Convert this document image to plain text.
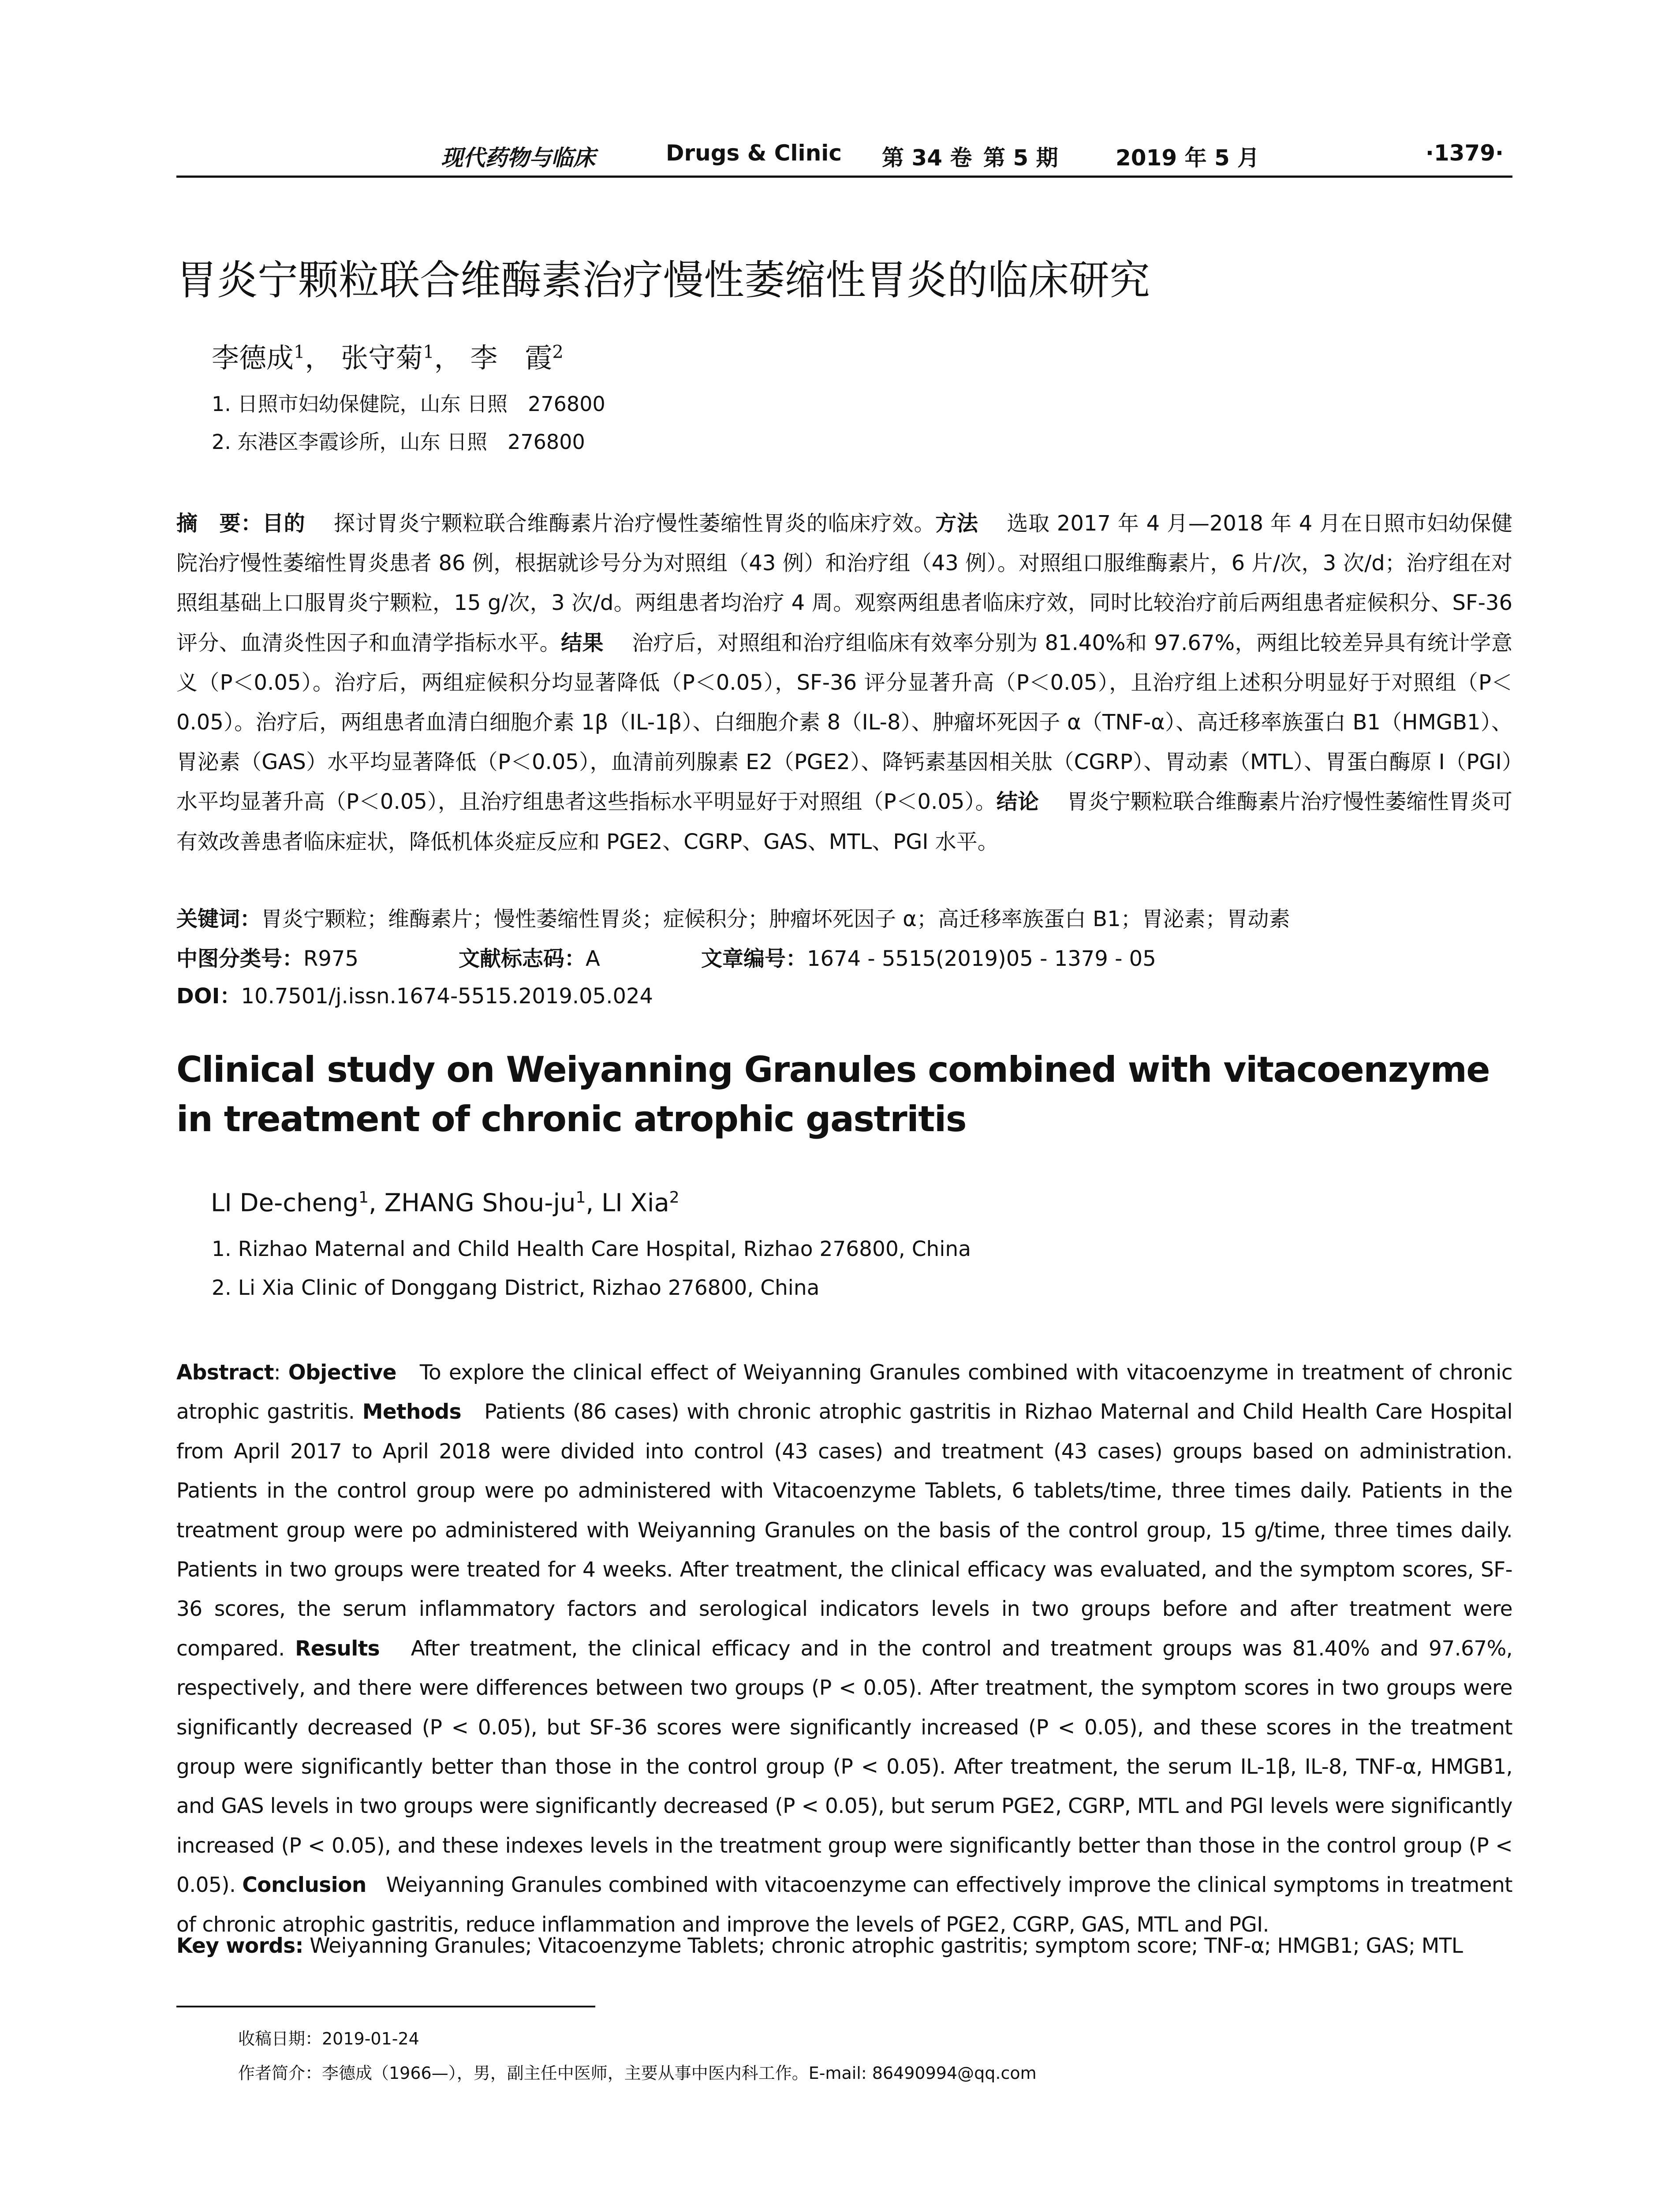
现代药物与临床	Drugs & Clinic 第 34 卷 第 5 期	2019 年 5 月	·1379·
胃炎宁颗粒联合维酶素治疗慢性萎缩性胃炎的临床研究
李德成$^1$， 张守菊$^1$， 李　霞$^2$
1. 日照市妇幼保健院，山东 日照　276800
2. 东港区李霞诊所，山东 日照　276800
摘　要：目的　 探讨胃炎宁颗粒联合维酶素片治疗慢性萎缩性胃炎的临床疗效。方法　 选取 2017 年 4 月—2018 年 4 月在日照市妇幼保健院治疗慢性萎缩性胃炎患者 86 例，根据就诊号分为对照组（43 例）和治疗组（43 例）。对照组口服维酶素片，6 片/次，3 次/d；治疗组在对照组基础上口服胃炎宁颗粒，15 g/次，3 次/d。两组患者均治疗 4 周。观察两组患者临床疗效，同时比较治疗前后两组患者症候积分、SF-36 评分、血清炎性因子和血清学指标水平。结果　 治疗后，对照组和治疗组临床有效率分别为 81.40%和 97.67%，两组比较差异具有统计学意义（P＜0.05）。治疗后，两组症候积分均显著降低（P＜0.05），SF-36 评分显著升高（P＜0.05），且治疗组上述积分明显好于对照组（P＜0.05）。治疗后，两组患者血清白细胞介素 1β（IL-1β）、白细胞介素 8（IL-8）、肿瘤坏死因子 α（TNF-α）、高迁移率族蛋白 B1（HMGB1）、胃泌素（GAS）水平均显著降低（P＜0.05），血清前列腺素 E2（PGE2）、降钙素基因相关肽（CGRP）、胃动素（MTL）、胃蛋白酶原 I（PGI）水平均显著升高（P＜0.05），且治疗组患者这些指标水平明显好于对照组（P＜0.05）。结论　 胃炎宁颗粒联合维酶素片治疗慢性萎缩性胃炎可有效改善患者临床症状，降低机体炎症反应和 PGE2、CGRP、GAS、MTL、PGI 水平。
关键词：胃炎宁颗粒；维酶素片；慢性萎缩性胃炎；症候积分；肿瘤坏死因子 α；高迁移率族蛋白 B1；胃泌素；胃动素
中图分类号：R975	文献标志码：A	文章编号：1674 - 5515(2019)05 - 1379 - 05
DOI：10.7501/j.issn.1674-5515.2019.05.024
Clinical study on Weiyanning Granules combined with vitacoenzyme in treatment of chronic atrophic gastritis
LI De-cheng$^1$, ZHANG Shou-$ju^1$, LI Xia$^2$
1. Rizhao Maternal and Child Health Care Hospital, Rizhao 276800, China
2. Li Xia Clinic of Donggang District, Rizhao 276800, China
Abstract: Objective To explore the clinical effect of Weiyanning Granules combined with vitacoenzyme in treatment of chronic atrophic gastritis. Methods Patients (86 cases) with chronic atrophic gastritis in Rizhao Maternal and Child Health Care Hospital from April 2017 to April 2018 were divided into control (43 cases) and treatment (43 cases) groups based on administration. Patients in the control group were po administered with Vitacoenzyme Tablets, 6 tablets/time, three times daily. Patients in the treatment group were po administered with Weiyanning Granules on the basis of the control group, 15 g/time, three times daily. Patients in two groups were treated for 4 weeks. After treatment, the clinical efficacy was evaluated, and the symptom scores, SF-36 scores, the serum inflammatory factors and serological indicators levels in two groups before and after treatment were compared. Results After treatment, the clinical efficacy and in the control and treatment groups was 81.40% and 97.67%, respectively, and there were differences between two groups (P < 0.05). After treatment, the symptom scores in two groups were significantly decreased (P < 0.05), but SF-36 scores were significantly increased (P < 0.05), and these scores in the treatment group were significantly better than those in the control group (P < 0.05). After treatment, the serum IL-1β, IL-8, TNF-α, HMGB1, and GAS levels in two groups were significantly decreased (P < 0.05), but serum PGE2, CGRP, MTL and PGI levels were significantly increased (P < 0.05), and these indexes levels in the treatment group were significantly better than those in the control group (P < 0.05). Conclusion Weiyanning Granules combined with vitacoenzyme can effectively improve the clinical symptoms in treatment of chronic atrophic gastritis, reduce inflammation and improve the levels of PGE2, CGRP, GAS, MTL and PGI.
Key words: Weiyanning Granules; Vitacoenzyme Tablets; chronic atrophic gastritis; symptom score; TNF-α; HMGB1; GAS; MTL
收稿日期：2019-01-24
作者简介：李德成（1966—），男，副主任中医师，主要从事中医内科工作。E-mail: 86490994@qq.com
